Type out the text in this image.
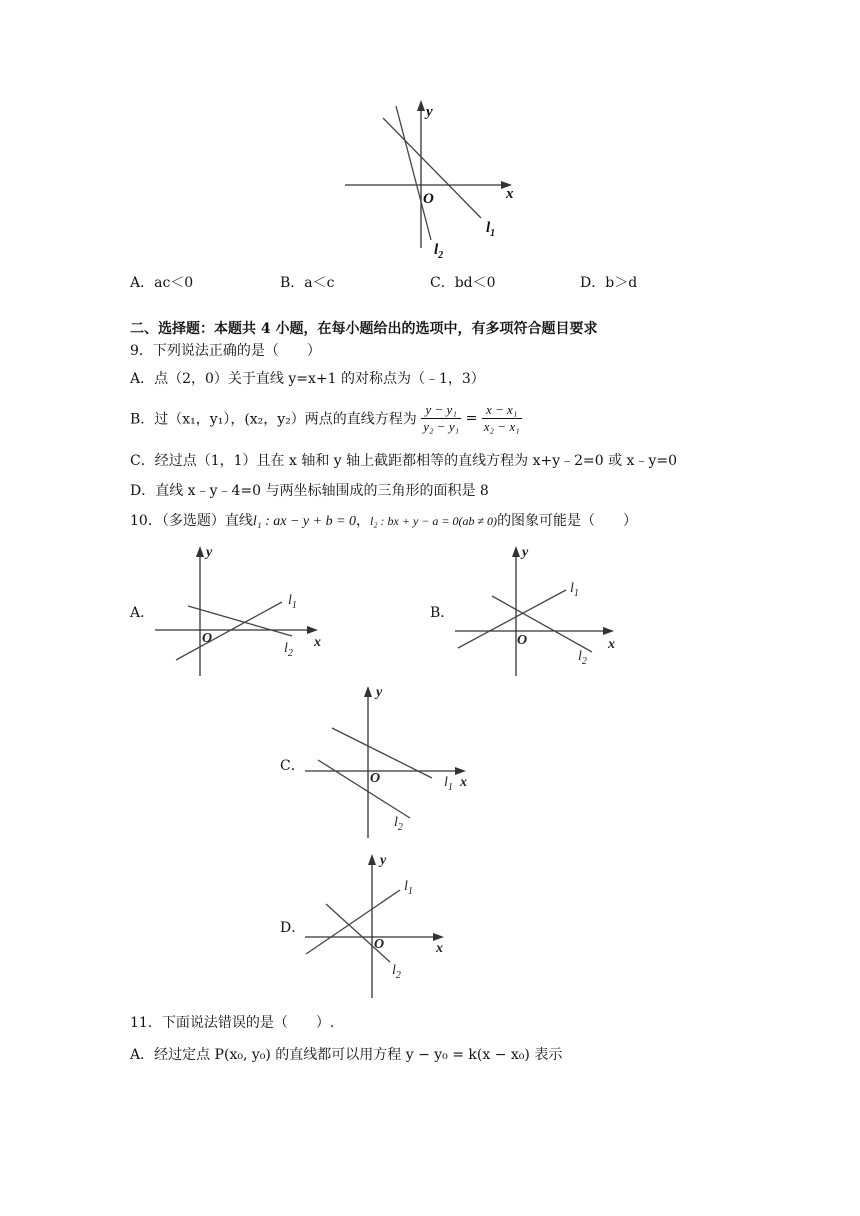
y
x
O
$l_1$
$l_2$
A．ac＜0	B．a＜c	C．bd＜0	D．b＞d
二、选择题：本题共 4 小题，在每小题给出的选项中，有多项符合题目要求
9．下列说法正确的是（　　）
A．点（2，0）关于直线 y=x+1 的对称点为（﹣1，3）
B．过（x₁，y₁），(x₂，y₂）两点的直线方程为 $\frac{\text{y − y₁}}{\text{y₂ − y₁}} = \frac{\text{x − x₁}}{\text{x₂ − x₁}}$
C．经过点（1，1）且在 x 轴和 y 轴上截距都相等的直线方程为 x+y﹣2=0 或 x﹣y=0
D．直线 x﹣y﹣4=0 与两坐标轴围成的三角形的面积是 8
10．（多选题）直线l₁ : ax − y + b = 0，l₂ : bx + y − a = 0(ab ≠ 0)的图象可能是（　　）
A．
y
x
O
$l_1$
$l_2$
B．
y
x
O
$l_1$
$l_2$
C．
y
x
O	$l_1$
$l_2$
D．
y
x
O
$l_1$
$l_2$
11．下面说法错误的是（　　）.
A．经过定点 P(x₀, y₀) 的直线都可以用方程 y − y₀ = k(x − x₀) 表示
